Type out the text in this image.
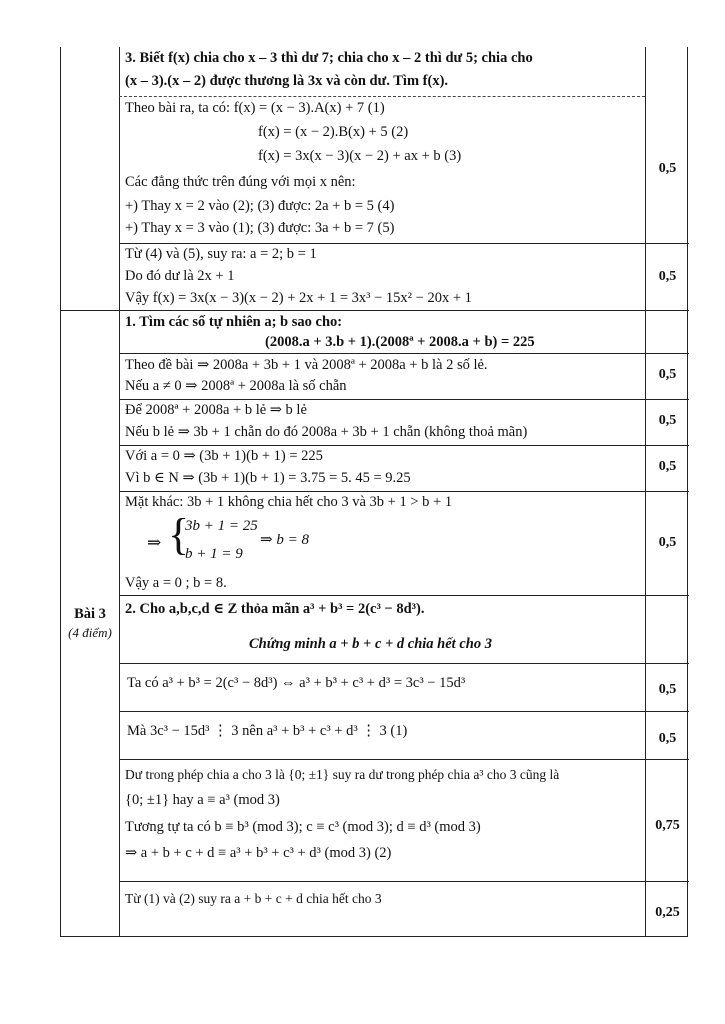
3. Biết f(x) chia cho x – 3 thì dư 7; chia cho x – 2 thì dư 5; chia cho
(x – 3).(x – 2) được thương là 3x và còn dư. Tìm f(x).
Theo bài ra, ta có: f(x) = (x − 3).A(x) + 7 (1)
f(x) = (x − 2).B(x) + 5 (2)
f(x) = 3x(x − 3)(x − 2) + ax + b (3)
Các đẳng thức trên đúng với mọi x nên:
+) Thay x = 2 vào (2); (3) được: 2a + b = 5 (4)
+) Thay x = 3 vào (1); (3) được: 3a + b = 7 (5)
0,5
Từ (4) và (5), suy ra: a = 2; b = 1
Do đó dư là 2x + 1
Vậy f(x) = 3x(x − 3)(x − 2) + 2x + 1 = 3x³ − 15x² − 20x + 1
0,5
Bài 3
(4 điểm)
1. Tìm các số tự nhiên a; b sao cho:
(2008.a + 3.b + 1).(2008ª + 2008.a + b) = 225
Theo đề bài ⇒ 2008a + 3b + 1 và 2008ª + 2008a + b là 2 số lẻ.
Nếu a ≠ 0 ⇒ 2008ª + 2008a là số chẵn
0,5
Để 2008ª + 2008a + b lẻ ⇒ b lẻ
Nếu b lẻ ⇒ 3b + 1 chẵn do đó 2008a + 3b + 1 chẵn (không thoả mãn)
0,5
Với a = 0 ⇒ (3b + 1)(b + 1) = 225
Vì b ∈ N ⇒ (3b + 1)(b + 1) = 3.75 = 5. 45 = 9.25
0,5
Mặt khác: 3b + 1 không chia hết cho 3 và 3b + 1 > b + 1
⇒ {
3b + 1 = 25
b + 1 = 9
⇒ b = 8
Vậy a = 0 ; b = 8.
0,5
2. Cho a,b,c,d ∈ Z thỏa mãn a³ + b³ = 2(c³ − 8d³).
Chứng minh a + b + c + d chia hết cho 3
Ta có a³ + b³ = 2(c³ − 8d³) ⇔ a³ + b³ + c³ + d³ = 3c³ − 15d³	0,5
Mà 3c³ − 15d³ ⋮ 3 nên a³ + b³ + c³ + d³ ⋮ 3 (1)	0,5
Dư trong phép chia a cho 3 là {0; ±1} suy ra dư trong phép chia a³ cho 3 cũng là
{0; ±1} hay a ≡ a³ (mod 3)
Tương tự ta có b ≡ b³ (mod 3); c ≡ c³ (mod 3); d ≡ d³ (mod 3)
⇒ a + b + c + d ≡ a³ + b³ + c³ + d³ (mod 3) (2)
0,75
Từ (1) và (2) suy ra a + b + c + d chia hết cho 3
0,25
